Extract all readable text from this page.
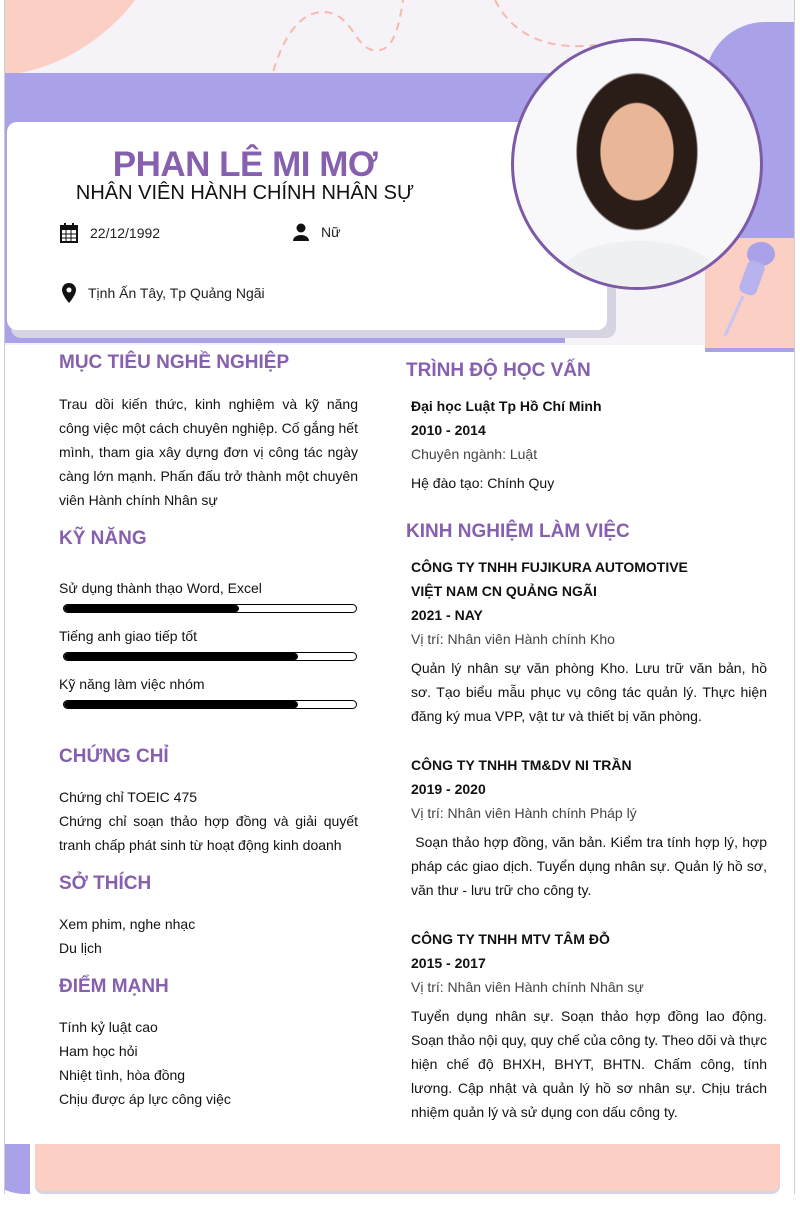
PHAN LÊ MI MƠ
NHÂN VIÊN HÀNH CHÍNH NHÂN SỰ
22/12/1992	Nữ
Tịnh Ấn Tây, Tp Quảng Ngãi
MỤC TIÊU NGHỀ NGHIỆP
Trau dồi kiến thức, kinh nghiệm và kỹ năng công việc một cách chuyên nghiệp. Cố gắng hết mình, tham gia xây dựng đơn vị công tác ngày càng lớn mạnh. Phấn đấu trở thành một chuyên viên Hành chính Nhân sự
KỸ NĂNG
Sử dụng thành thạo Word, Excel
Tiếng anh giao tiếp tốt
Kỹ năng làm việc nhóm
CHỨNG CHỈ
Chứng chỉ TOEIC 475
Chứng chỉ soạn thảo hợp đồng và giải quyết tranh chấp phát sinh từ hoạt động kinh doanh
SỞ THÍCH
Xem phim, nghe nhạc
Du lịch
ĐIỂM MẠNH
Tính kỷ luật cao
Ham học hỏi
Nhiệt tình, hòa đồng
Chịu được áp lực công việc
TRÌNH ĐỘ HỌC VẤN
Đại học Luật Tp Hồ Chí Minh
2010 - 2014
Chuyên ngành: Luật
Hệ đào tạo: Chính Quy
KINH NGHIỆM LÀM VIỆC
CÔNG TY TNHH FUJIKURA AUTOMOTIVE VIỆT NAM CN QUẢNG NGÃI
2021 - NAY
Vị trí: Nhân viên Hành chính Kho
Quản lý nhân sự văn phòng Kho. Lưu trữ văn bản, hồ sơ. Tạo biểu mẫu phục vụ công tác quản lý. Thực hiện đăng ký mua VPP, vật tư và thiết bị văn phòng.
CÔNG TY TNHH TM&DV NI TRẦN
2019 - 2020
Vị trí: Nhân viên Hành chính Pháp lý
Soạn thảo hợp đồng, văn bản. Kiểm tra tính hợp lý, hợp pháp các giao dịch. Tuyển dụng nhân sự. Quản lý hồ sơ, văn thư - lưu trữ cho công ty.
CÔNG TY TNHH MTV TÂM ĐỖ
2015 - 2017
Vị trí: Nhân viên Hành chính Nhân sự
Tuyển dụng nhân sự. Soạn thảo hợp đồng lao động. Soạn thảo nội quy, quy chế của công ty. Theo dõi và thực hiện chế độ BHXH, BHYT, BHTN. Chấm công, tính lương. Cập nhật và quản lý hồ sơ nhân sự. Chịu trách nhiệm quản lý và sử dụng con dấu công ty.
